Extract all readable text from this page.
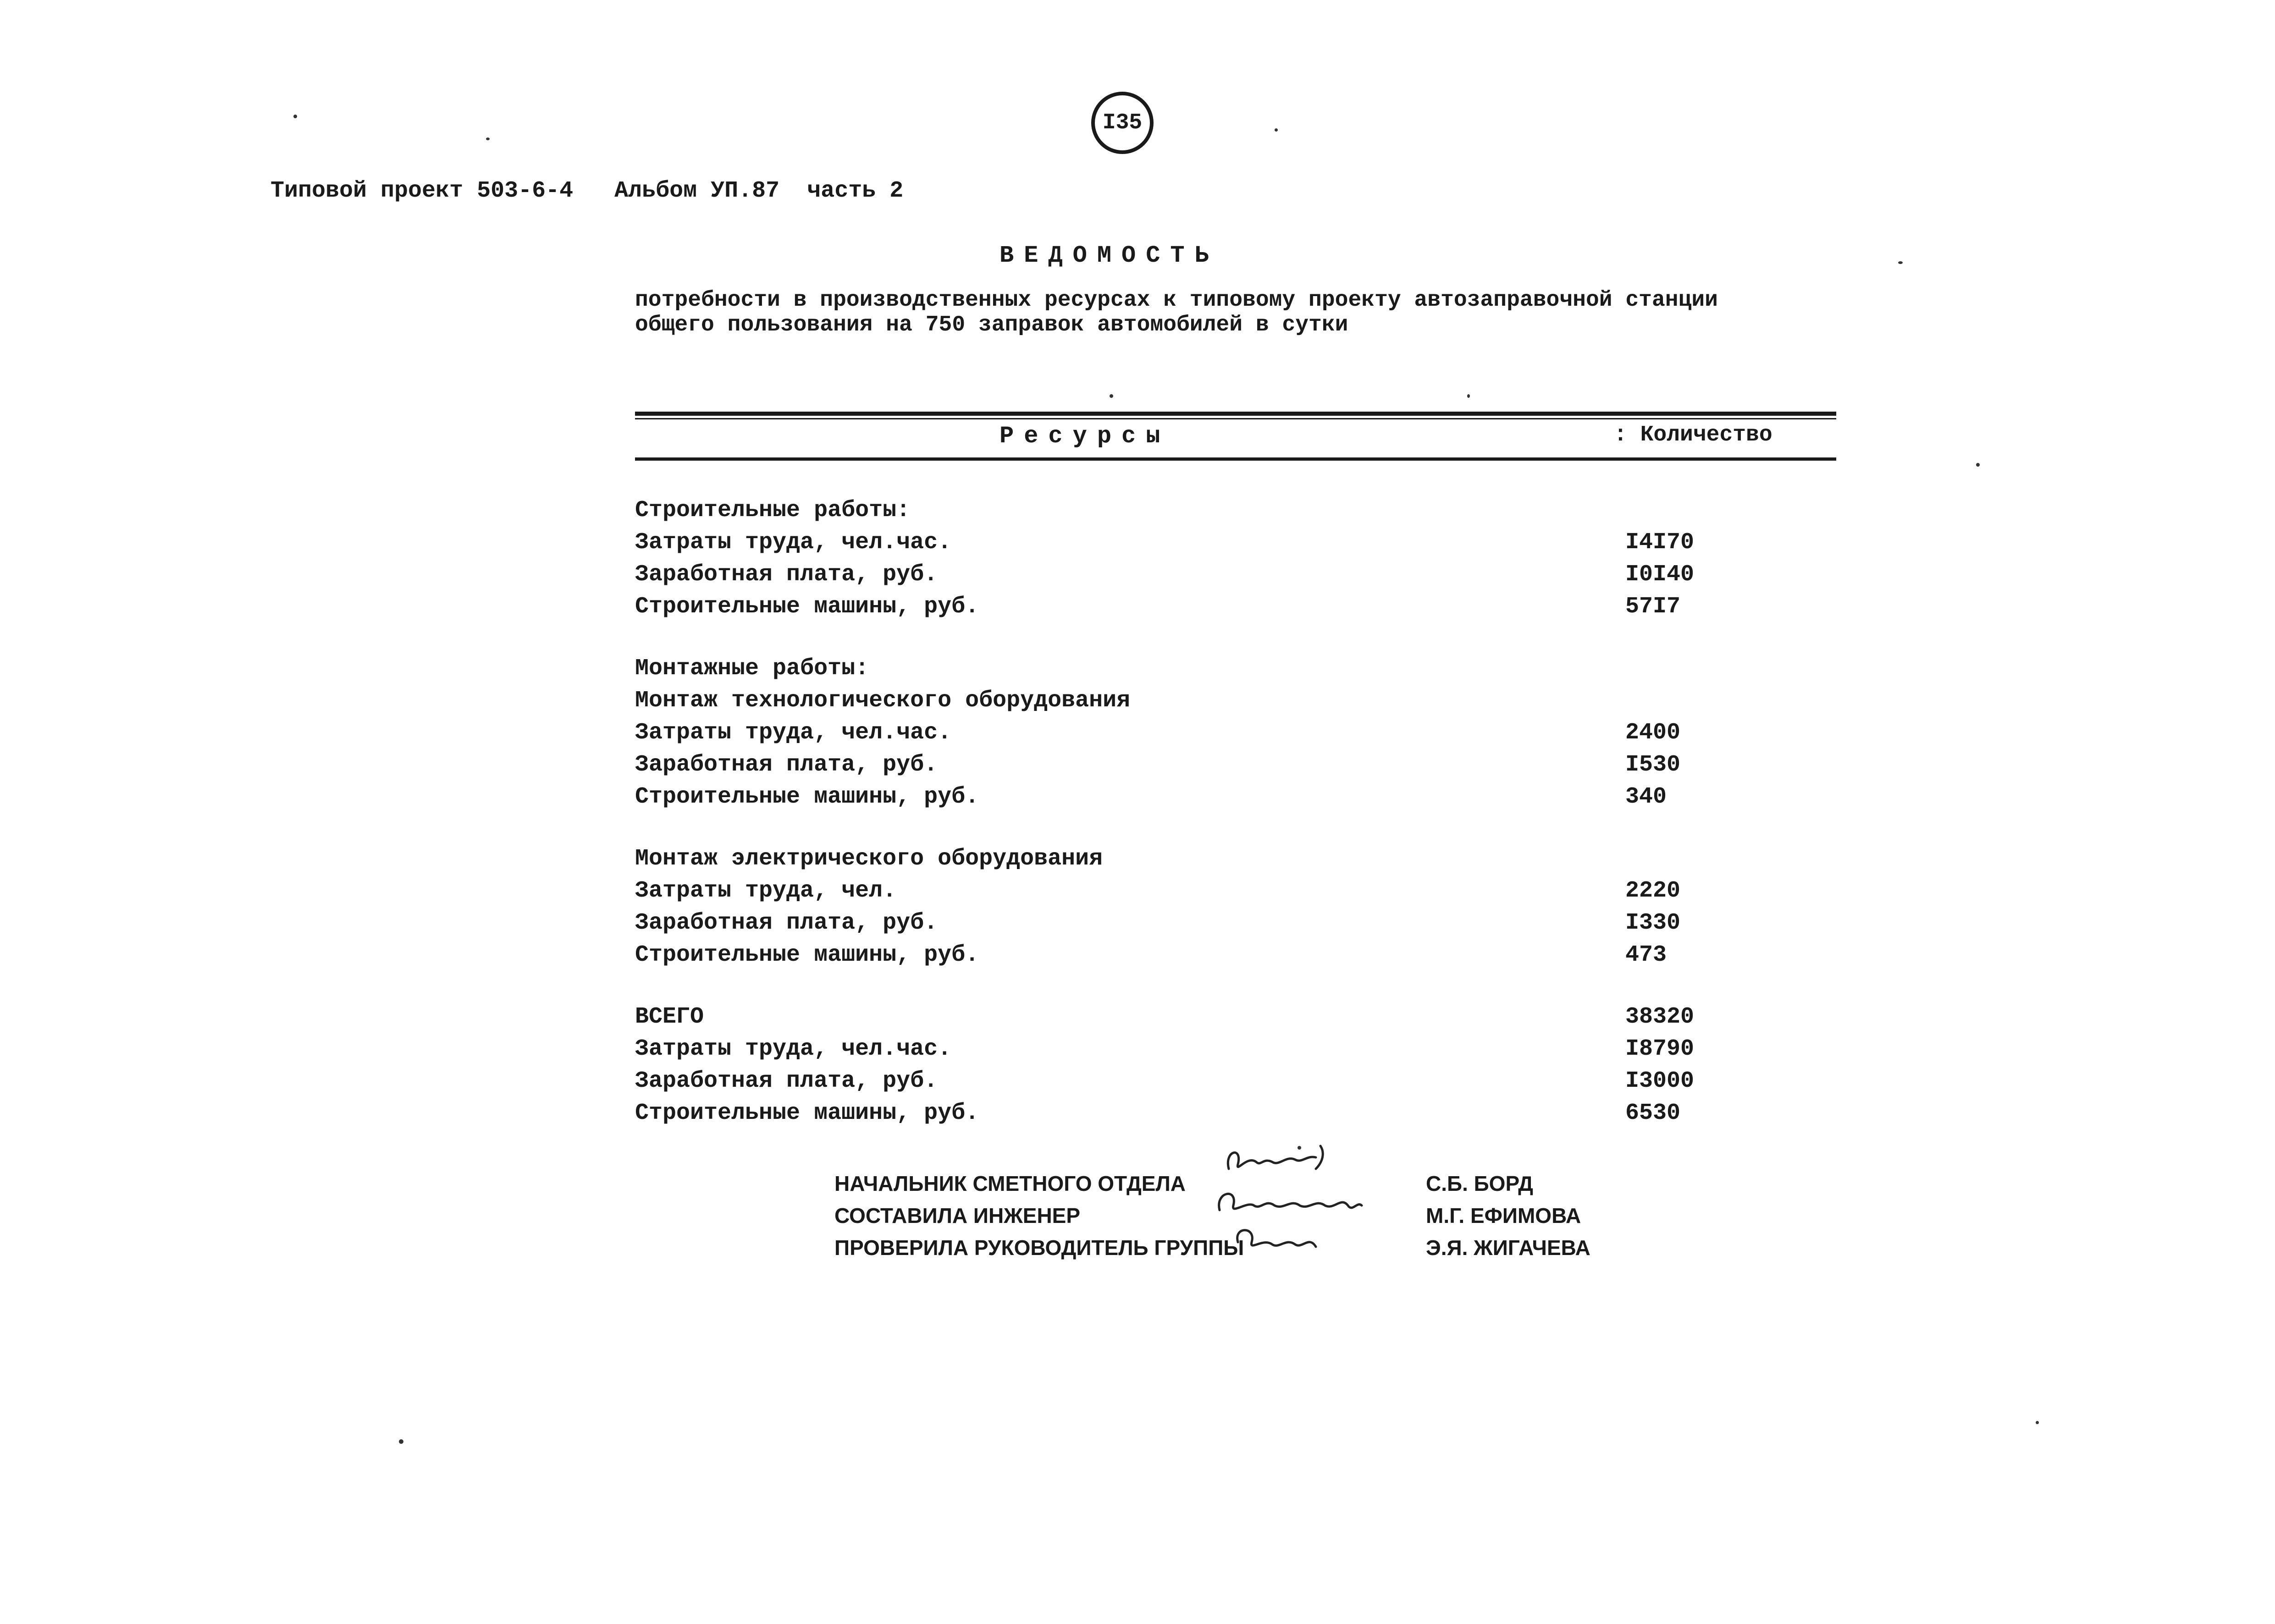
I35
Типовой проект 503-6-4   Альбом УП.87  часть 2
ВЕДОМОСТЬ
потребности в производственных ресурсах к типовому проекту автозаправочной станции общего пользования на 750 заправок автомобилей в сутки
Ресурсы	: Количество
Строительные работы:
Затраты труда, чел.час.	I4I70
Заработная плата, руб.	I0I40
Строительные машины, руб.	57I7
Монтажные работы:
Монтаж технологического оборудования
Затраты труда, чел.час.	2400
Заработная плата, руб.	I530
Строительные машины, руб.	340
Монтаж электрического оборудования
Затраты труда, чел.	2220
Заработная плата, руб.	I330
Строительные машины, руб.	473
ВСЕГО	38320
Затраты труда, чел.час.	I8790
Заработная плата, руб.	I3000
Строительные машины, руб.	6530
НАЧАЛЬНИК СМЕТНОГО ОТДЕЛА	С.Б. БОРД
СОСТАВИЛА ИНЖЕНЕР	М.Г. ЕФИМОВА
ПРОВЕРИЛА РУКОВОДИТЕЛЬ ГРУППЫ	Э.Я. ЖИГАЧЕВА
